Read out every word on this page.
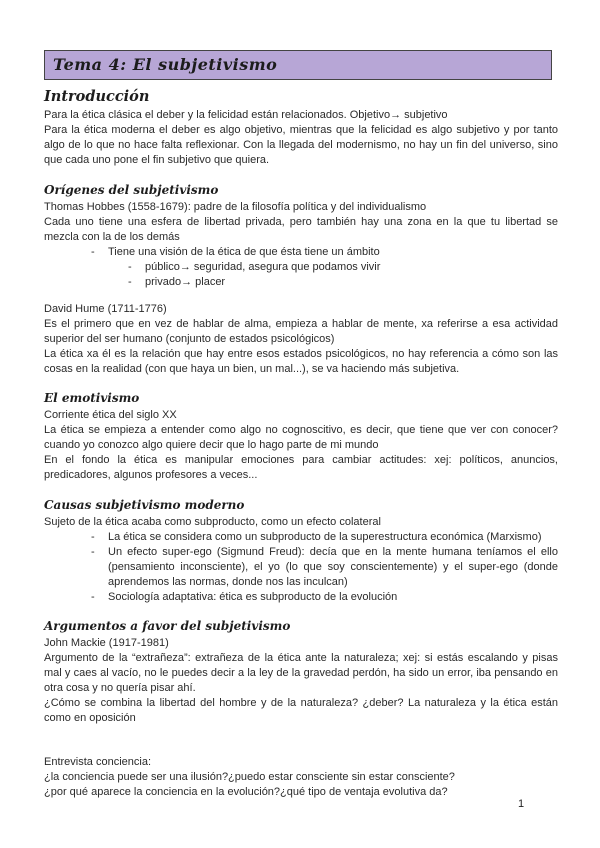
Tema 4: El subjetivismo
Introducción
Para la ética clásica el deber y la felicidad están relacionados. Objetivo→ subjetivo
Para la ética moderna el deber es algo objetivo, mientras que la felicidad es algo subjetivo y por tanto
algo de lo que no hace falta reflexionar. Con la llegada del modernismo, no hay un fin del universo, sino
que cada uno pone el fin subjetivo que quiera.
Orígenes del subjetivismo
Thomas Hobbes (1558-1679): padre de la filosofía política y del individualismo
Cada uno tiene una esfera de libertad privada, pero también hay una zona en la que tu libertad se
mezcla con la de los demás
- Tiene una visión de la ética de que ésta tiene un ámbito
- público→ seguridad, asegura que podamos vivir
- privado→ placer
David Hume (1711-1776)
Es el primero que en vez de hablar de alma, empieza a hablar de mente, xa referirse a esa actividad
superior del ser humano (conjunto de estados psicológicos)
La ética xa él es la relación que hay entre esos estados psicológicos, no hay referencia a cómo son las
cosas en la realidad (con que haya un bien, un mal...), se va haciendo más subjetiva.
El emotivismo
Corriente ética del siglo XX
La ética se empieza a entender como algo no cognoscitivo, es decir, que tiene que ver con conocer?
cuando yo conozco algo quiere decir que lo hago parte de mi mundo
En el fondo la ética es manipular emociones para cambiar actitudes: xej: políticos, anuncios,
predicadores, algunos profesores a veces...
Causas subjetivismo moderno
Sujeto de la ética acaba como subproducto, como un efecto colateral
- La ética se considera como un subproducto de la superestructura económica (Marxismo)
- Un efecto super-ego (Sigmund Freud): decía que en la mente humana teníamos el ello
(pensamiento inconsciente), el yo (lo que soy conscientemente) y el super-ego (donde
aprendemos las normas, donde nos las inculcan)
- Sociología adaptativa: ética es subproducto de la evolución
Argumentos a favor del subjetivismo
John Mackie (1917-1981)
Argumento de la “extrañeza”: extrañeza de la ética ante la naturaleza; xej: si estás escalando y pisas
mal y caes al vacío, no le puedes decir a la ley de la gravedad perdón, ha sido un error, iba pensando en
otra cosa y no quería pisar ahí.
¿Cómo se combina la libertad del hombre y de la naturaleza? ¿deber? La naturaleza y la ética están
como en oposición
Entrevista conciencia:
¿la conciencia puede ser una ilusión?¿puedo estar consciente sin estar consciente?
¿por qué aparece la conciencia en la evolución?¿qué tipo de ventaja evolutiva da?
1
